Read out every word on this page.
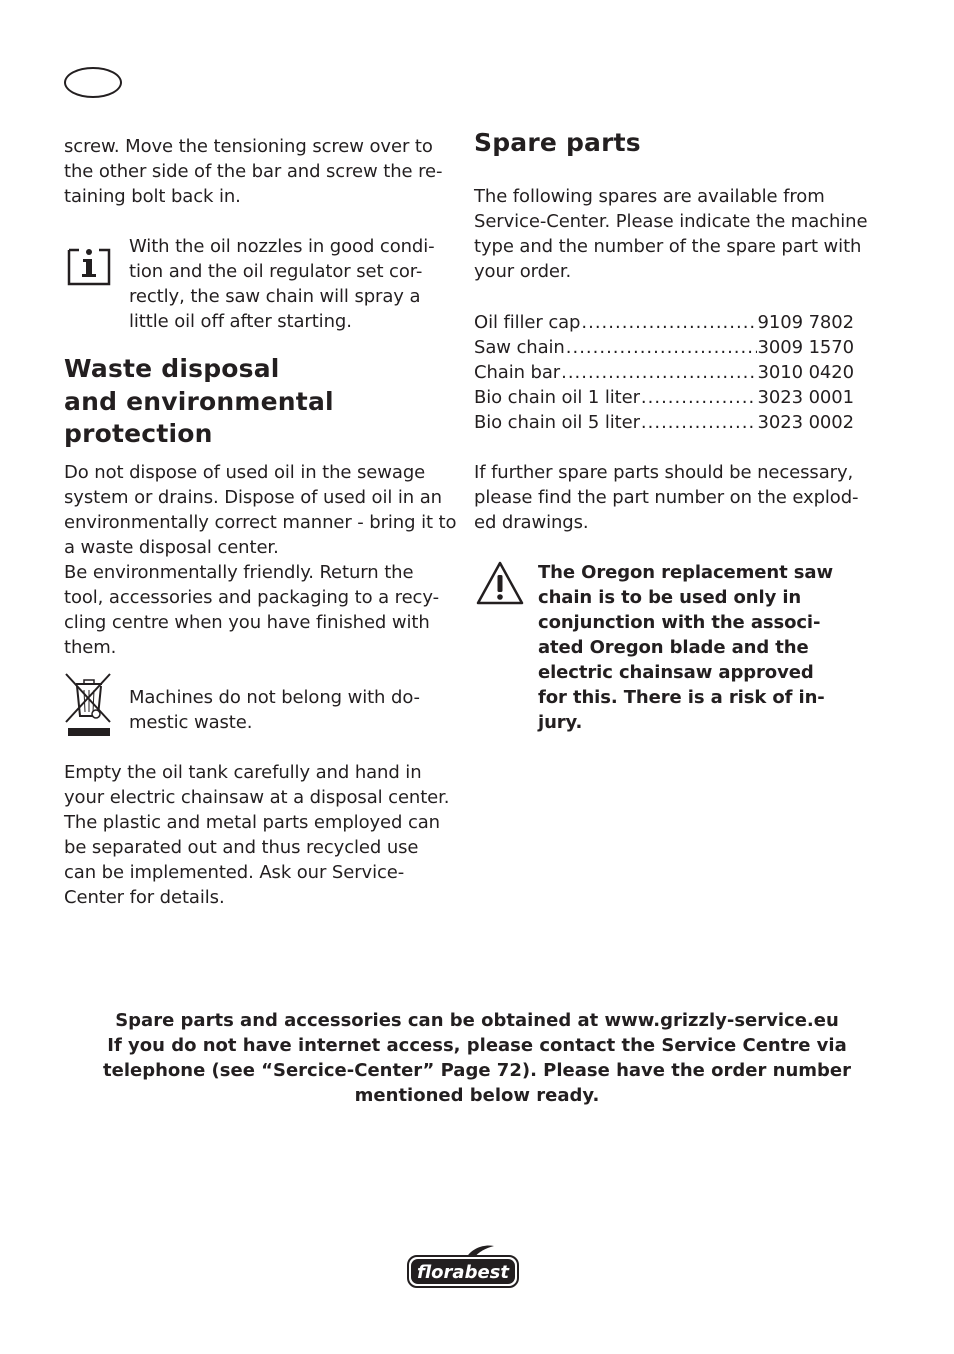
screw. Move the tensioning screw over to
the other side of the bar and screw the re-
taining bolt back in.
With the oil nozzles in good condi-
tion and the oil regulator set cor-
rectly, the saw chain will spray a
little oil off after starting.
Waste disposal
and environmental
protection
Do not dispose of used oil in the sewage
system or drains. Dispose of used oil in an
environmentally correct manner - bring it to
a waste disposal center.
Be environmentally friendly. Return the
tool, accessories and packaging to a recy-
cling centre when you have finished with
them.
Machines do not belong with do-
mestic waste.
Empty the oil tank carefully and hand in
your electric chainsaw at a disposal center.
The plastic and metal parts employed can
be separated out and thus recycled use
can be implemented. Ask our Service-
Center for details.
Spare parts
The following spares are available from
Service-Center. Please indicate the machine
type and the number of the spare part with
your order.
Oil filler cap .....	9109 7802
Saw chain .....	3009 1570
Chain bar .....	3010 0420
Bio chain oil 1 liter .....	3023 0001
Bio chain oil 5 liter .....	3023 0002
If further spare parts should be necessary,
please find the part number on the explod-
ed drawings.
The Oregon replacement saw
chain is to be used only in
conjunction with the associ-
ated Oregon blade and the
electric chainsaw approved
for this. There is a risk of in-
jury.
Spare parts and accessories can be obtained at www.grizzly-service.eu
If you do not have internet access, please contact the Service Centre via
telephone (see “Sercice-Center” Page 72). Please have the order number
mentioned below ready.
florabest
